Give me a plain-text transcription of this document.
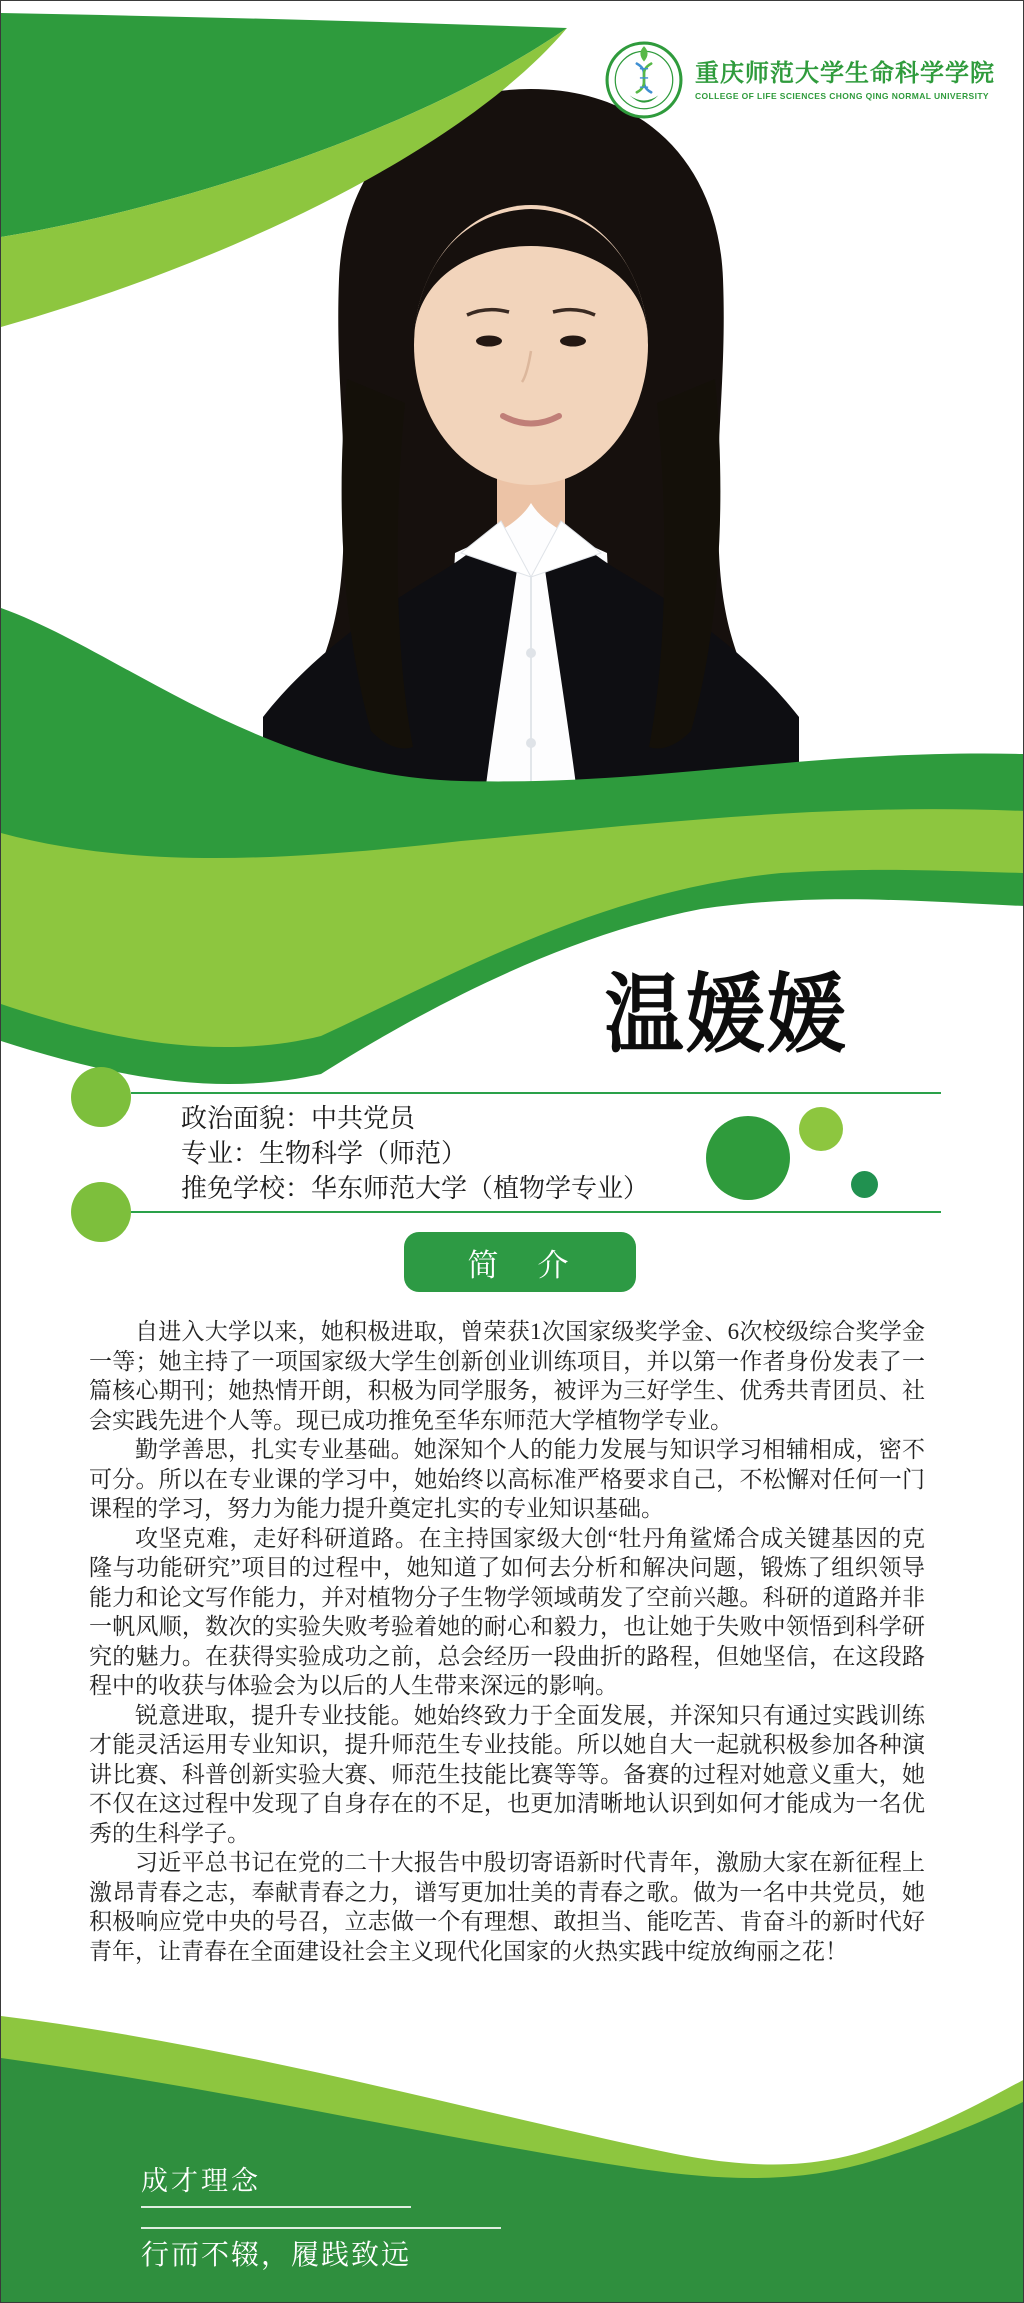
重庆师范大学生命科学学院
COLLEGE OF LIFE SCIENCES CHONG QING NORMAL UNIVERSITY
温媛媛
政治面貌：中共党员
专业：生物科学（师范）
推免学校：华东师范大学（植物学专业）
简　介

自进入大学以来，她积极进取，曾荣获1次国家级奖学金、6次校级综合奖学金一等；她主持了一项国家级大学生创新创业训练项目，并以第一作者身份发表了一篇核心期刊；她热情开朗，积极为同学服务，被评为三好学生、优秀共青团员、社会实践先进个人等。现已成功推免至华东师范大学植物学专业。

勤学善思，扎实专业基础。她深知个人的能力发展与知识学习相辅相成，密不可分。所以在专业课的学习中，她始终以高标准严格要求自己，不松懈对任何一门课程的学习，努力为能力提升奠定扎实的专业知识基础。

攻坚克难，走好科研道路。在主持国家级大创“牡丹角鲨烯合成关键基因的克隆与功能研究”项目的过程中，她知道了如何去分析和解决问题，锻炼了组织领导能力和论文写作能力，并对植物分子生物学领域萌发了空前兴趣。科研的道路并非一帆风顺，数次的实验失败考验着她的耐心和毅力，也让她于失败中领悟到科学研究的魅力。在获得实验成功之前，总会经历一段曲折的路程，但她坚信，在这段路程中的收获与体验会为以后的人生带来深远的影响。

锐意进取，提升专业技能。她始终致力于全面发展，并深知只有通过实践训练才能灵活运用专业知识，提升师范生专业技能。所以她自大一起就积极参加各种演讲比赛、科普创新实验大赛、师范生技能比赛等等。备赛的过程对她意义重大，她不仅在这过程中发现了自身存在的不足，也更加清晰地认识到如何才能成为一名优秀的生科学子。

习近平总书记在党的二十大报告中殷切寄语新时代青年，激励大家在新征程上激昂青春之志，奉献青春之力，谱写更加壮美的青春之歌。做为一名中共党员，她积极响应党中央的号召，立志做一个有理想、敢担当、能吃苦、肯奋斗的新时代好青年，让青春在全面建设社会主义现代化国家的火热实践中绽放绚丽之花！

成才理念
行而不辍，履践致远
